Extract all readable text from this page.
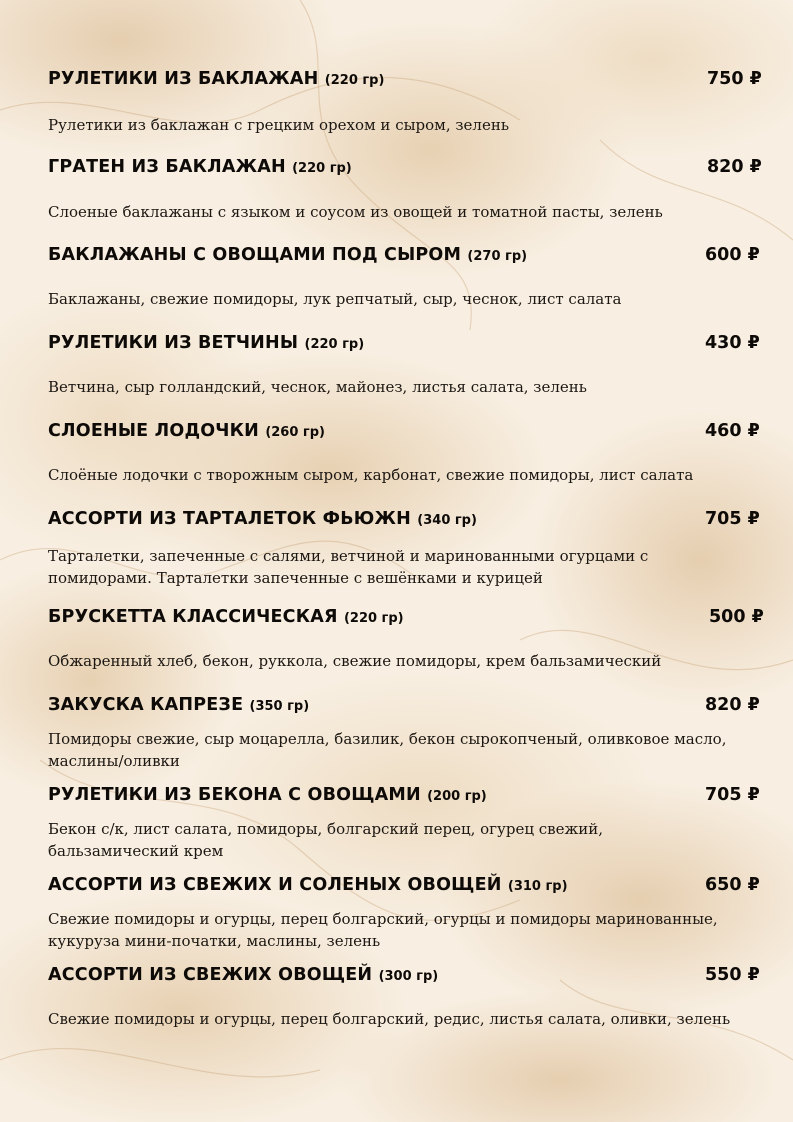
РУЛЕТИКИ ИЗ БАКЛАЖАН (220 гр)	750 ₽
Рулетики из баклажан с грецким орехом и сыром, зелень
ГРАТЕН ИЗ БАКЛАЖАН (220 гр)	820 ₽
Слоеные баклажаны с языком и соусом из овощей и томатной пасты, зелень
БАКЛАЖАНЫ С ОВОЩАМИ ПОД СЫРОМ (270 гр)	600 ₽
Баклажаны, свежие помидоры, лук репчатый, сыр, чеснок, лист салата
РУЛЕТИКИ ИЗ ВЕТЧИНЫ (220 гр)	430 ₽
Ветчина, сыр голландский, чеснок, майонез, листья салата, зелень
СЛОЕНЫЕ ЛОДОЧКИ (260 гр)	460 ₽
Слоёные лодочки с творожным сыром, карбонат, свежие помидоры, лист салата
АССОРТИ ИЗ ТАРТАЛЕТОК ФЬЮЖН (340 гр)	705 ₽
Тарталетки, запеченные с салями, ветчиной и маринованными огурцами с помидорами. Тарталетки запеченные с вешёнками и курицей
БРУСКЕТТА КЛАССИЧЕСКАЯ (220 гр)	500 ₽
Обжаренный хлеб, бекон, руккола, свежие помидоры, крем бальзамический
ЗАКУСКА КАПРЕЗЕ (350 гр)	820 ₽
Помидоры свежие, сыр моцарелла, базилик, бекон сырокопченый, оливковое масло, маслины/оливки
РУЛЕТИКИ ИЗ БЕКОНА С ОВОЩАМИ (200 гр)	705 ₽
Бекон с/к, лист салата, помидоры, болгарский перец, огурец свежий, бальзамический крем
АССОРТИ ИЗ СВЕЖИХ И СОЛЕНЫХ ОВОЩЕЙ (310 гр)	650 ₽
Свежие помидоры и огурцы, перец болгарский, огурцы и помидоры маринованные, кукуруза мини-початки, маслины, зелень
АССОРТИ ИЗ СВЕЖИХ ОВОЩЕЙ (300 гр)	550 ₽
Свежие помидоры и огурцы, перец болгарский, редис, листья салата, оливки, зелень
